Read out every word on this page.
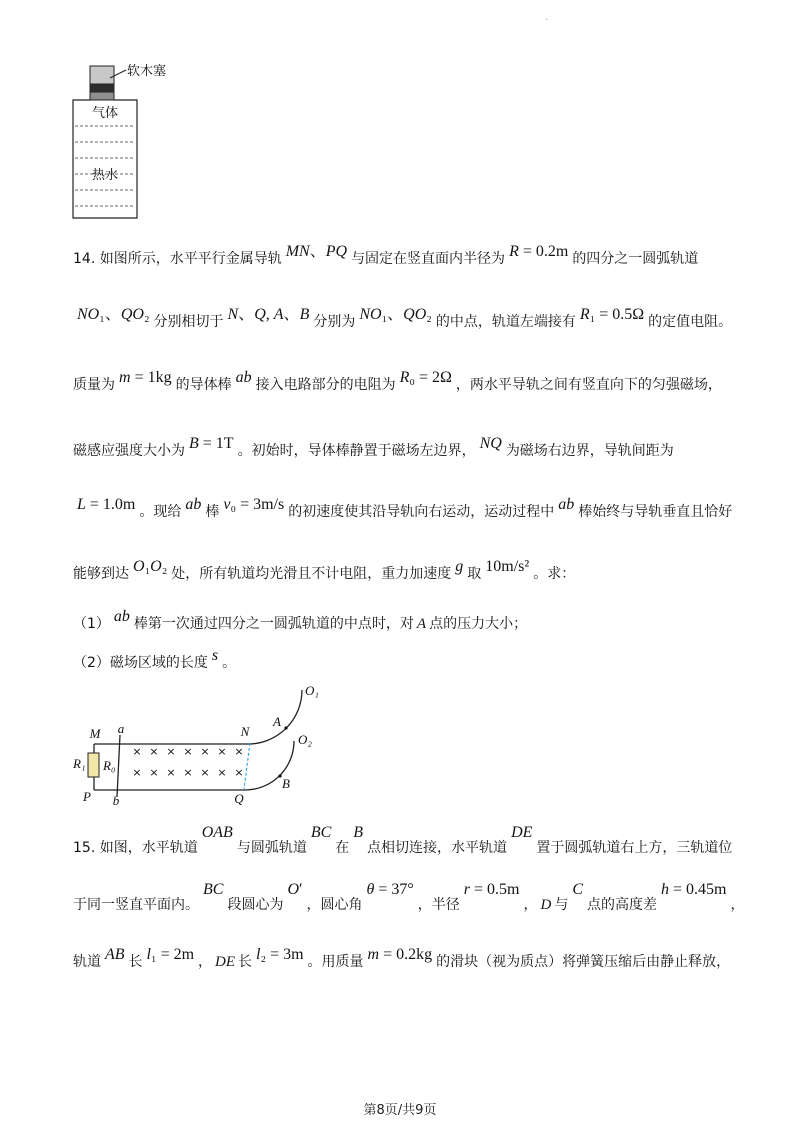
.
软木塞
气体
热水
14. 如图所示，水平平行金属导轨 MN、PQ 与固定在竖直面内半径为 R = 0.2m 的四分之一圆弧轨道
NO₁、QO₂ 分别相切于 N、Q, A、B 分别为 NO₁、QO₂ 的中点，轨道左端接有 R₁ = 0.5Ω 的定值电阻。
质量为 m = 1kg 的导体棒 ab 接入电路部分的电阻为 R₀ = 2Ω ，两水平导轨之间有竖直向下的匀强磁场，
磁感应强度大小为 B = 1T 。初始时，导体棒静置于磁场左边界， NQ 为磁场右边界，导轨间距为
L = 1.0m 。现给 ab 棒 v₀ = 3m/s 的初速度使其沿导轨向右运动，运动过程中 ab 棒始终与导轨垂直且恰好
能够到达 O₁O₂ 处，所有轨道均光滑且不计电阻，重力加速度 g 取 10m/s² 。求：
（1） ab 棒第一次通过四分之一圆弧轨道的中点时，对 A 点的压力大小；
（2）磁场区域的长度 s 。
× × × × × × ×
× × × × × × ×
M a	N
A
O₁
O₂
R₁ R₀
P b	Q
B
15. 如图，水平轨道OAB与圆弧轨道BC在B点相切连接，水平轨道DE置于圆弧轨道右上方，三轨道位
于同一竖直平面内。BC段圆心为O′，圆心角θ = 37°，半径r = 0.5m， D 与C点的高度差h = 0.45m，
轨道 AB 长 l₁ = 2m ， DE 长 l₂ = 3m 。用质量 m = 0.2kg 的滑块（视为质点）将弹簧压缩后由静止释放，
第8页/共9页
